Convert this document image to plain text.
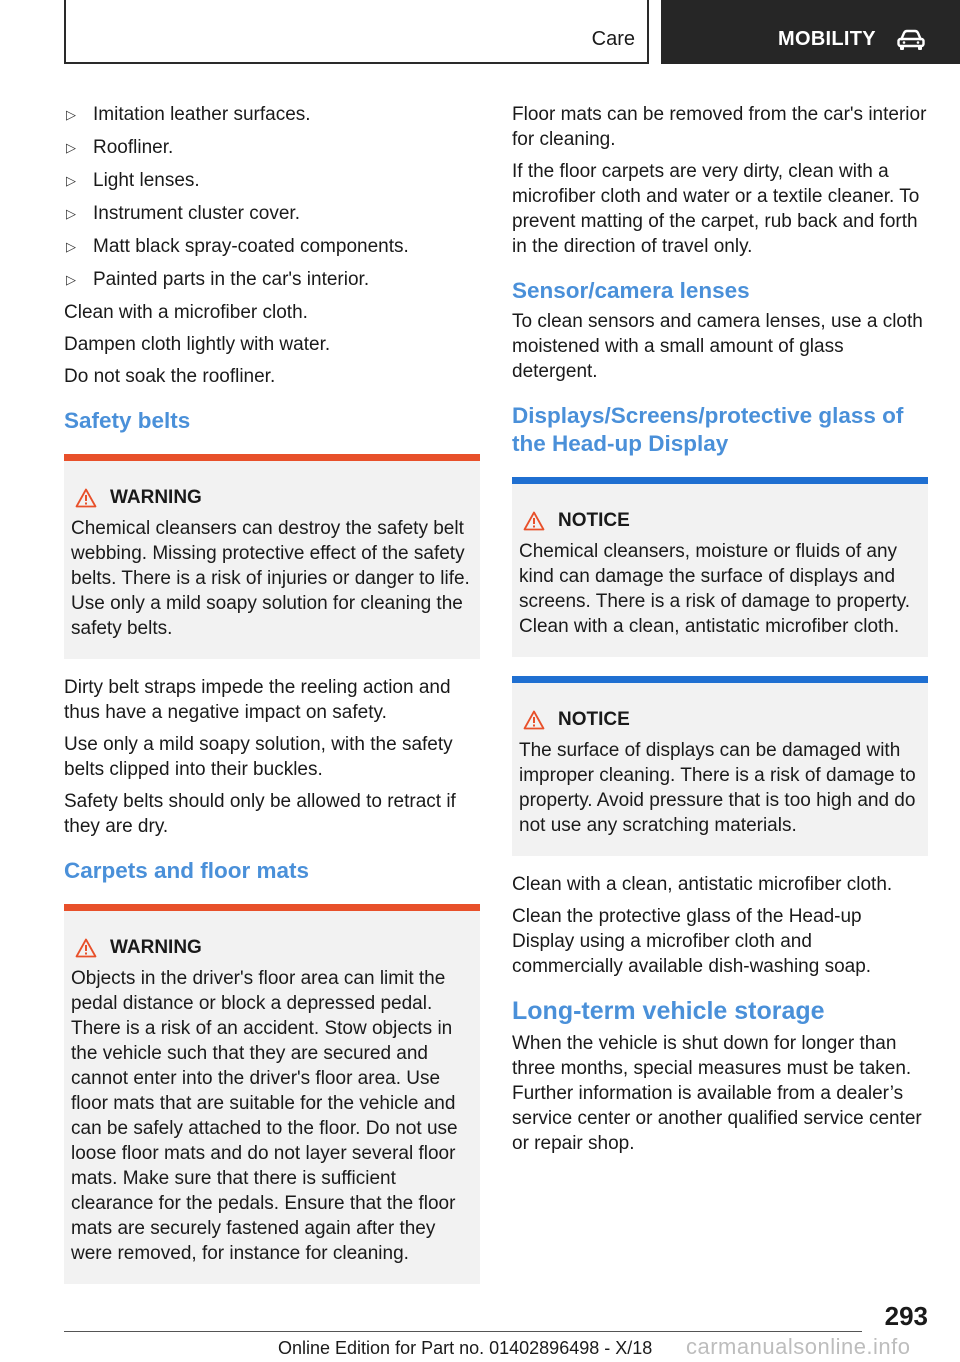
Care	MOBILITY
▷ Imitation leather surfaces.
▷ Roofliner.
▷ Light lenses.
▷ Instrument cluster cover.
▷ Matt black spray-coated components.
▷ Painted parts in the car's interior.

Clean with a microfiber cloth.

Dampen cloth lightly with water.

Do not soak the roofliner.

Safety belts
WARNING

Chemical cleansers can destroy the safety belt webbing. Missing protective effect of the safety belts. There is a risk of injuries or danger to life. Use only a mild soapy solution for cleaning the safety belts.

Dirty belt straps impede the reeling action and thus have a negative impact on safety.

Use only a mild soapy solution, with the safety belts clipped into their buckles.

Safety belts should only be allowed to retract if they are dry.

Carpets and floor mats
WARNING

Objects in the driver's floor area can limit the pedal distance or block a depressed pedal. There is a risk of an accident. Stow objects in the vehicle such that they are secured and cannot enter into the driver's floor area. Use floor mats that are suitable for the vehicle and can be safely attached to the floor. Do not use loose floor mats and do not layer several floor mats. Make sure that there is sufficient clearance for the pedals. Ensure that the floor mats are securely fastened again after they were removed, for instance for cleaning.

Floor mats can be removed from the car's interior for cleaning.

If the floor carpets are very dirty, clean with a microfiber cloth and water or a textile cleaner. To prevent matting of the carpet, rub back and forth in the direction of travel only.

Sensor/camera lenses

To clean sensors and camera lenses, use a cloth moistened with a small amount of glass detergent.

Displays/Screens/protective glass of the Head-up Display
NOTICE

Chemical cleansers, moisture or fluids of any kind can damage the surface of displays and screens. There is a risk of damage to property. Clean with a clean, antistatic microfiber cloth.

NOTICE

The surface of displays can be damaged with improper cleaning. There is a risk of damage to property. Avoid pressure that is too high and do not use any scratching materials.

Clean with a clean, antistatic microfiber cloth.

Clean the protective glass of the Head-up Display using a microfiber cloth and commercially available dish-washing soap.

Long-term vehicle storage

When the vehicle is shut down for longer than three months, special measures must be taken. Further information is available from a dealer’s service center or another qualified service center or repair shop.

293
Online Edition for Part no. 01402896498 - X/18 carmanualsonline.info
